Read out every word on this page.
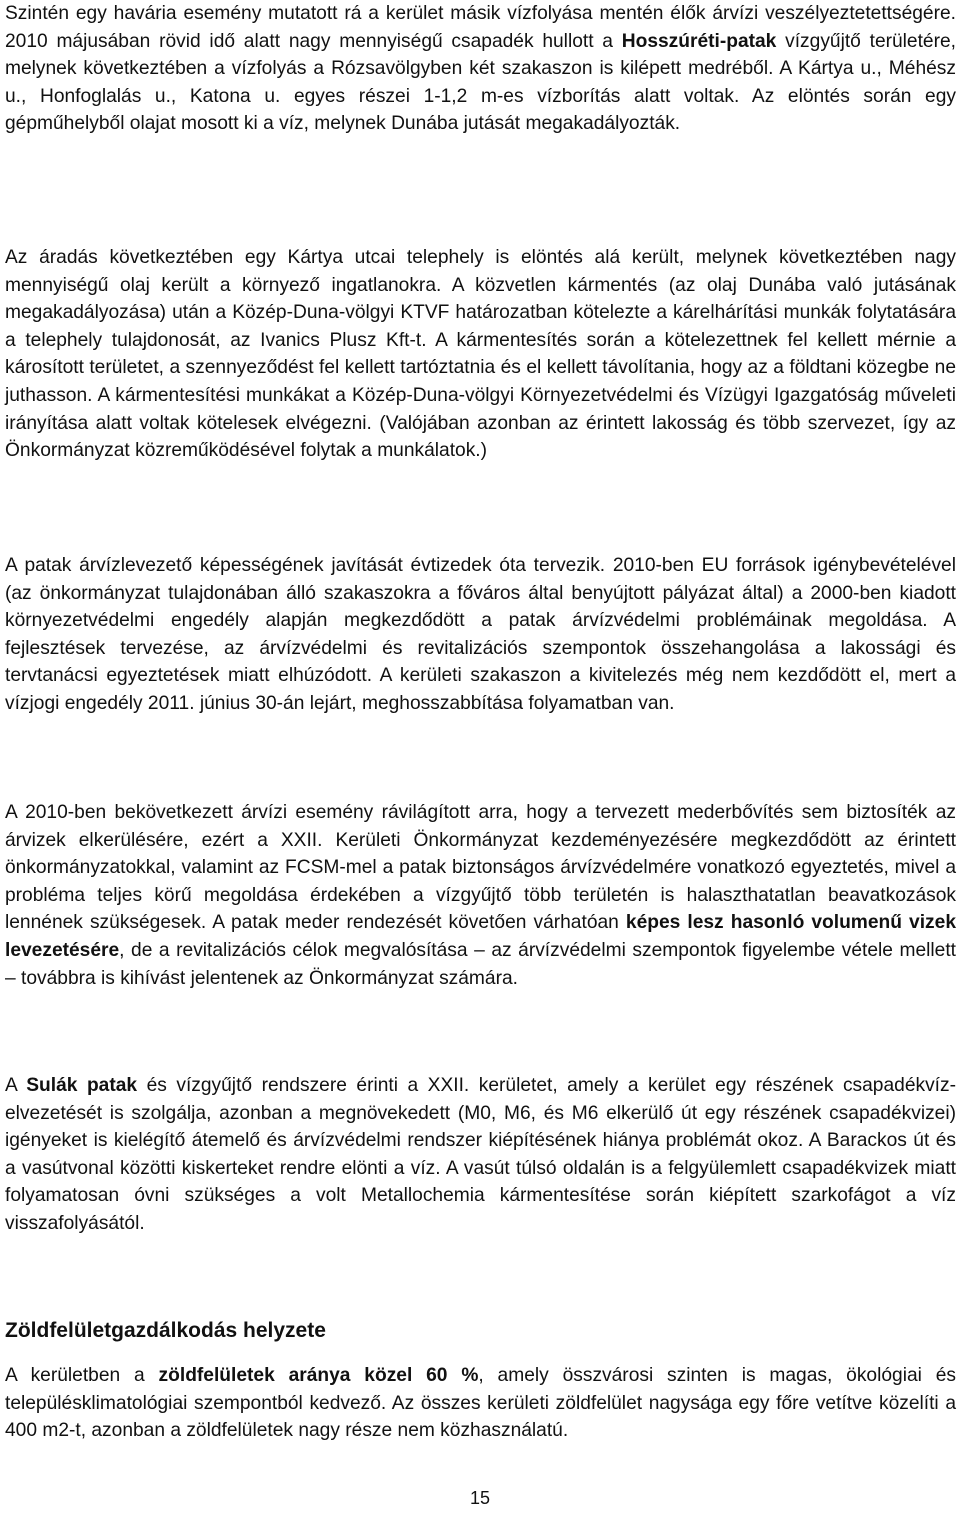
Szintén egy havária esemény mutatott rá a kerület másik vízfolyása mentén élők árvízi veszélyeztetettségére. 2010 májusában rövid idő alatt nagy mennyiségű csapadék hullott a Hosszúréti-patak vízgyűjtő területére, melynek következtében a vízfolyás a Rózsavölgyben két szakaszon is kilépett medréből. A Kártya u., Méhész u., Honfoglalás u., Katona u. egyes részei 1-1,2 m-es vízborítás alatt voltak. Az elöntés során egy gépműhelyből olajat mosott ki a víz, melynek Dunába jutását megakadályozták.

Az áradás következtében egy Kártya utcai telephely is elöntés alá került, melynek következtében nagy mennyiségű olaj került a környező ingatlanokra. A közvetlen kármentés (az olaj Dunába való jutásának megakadályozása) után a Közép-Duna-völgyi KTVF határozatban kötelezte a kárelhárítási munkák folytatására a telephely tulajdonosát, az Ivanics Plusz Kft-t. A kármentesítés során a kötelezettnek fel kellett mérnie a károsított területet, a szennyeződést fel kellett tartóztatnia és el kellett távolítania, hogy az a földtani közegbe ne juthasson. A kármentesítési munkákat a Közép-Duna-völgyi Környezetvédelmi és Vízügyi Igazgatóság műveleti irányítása alatt voltak kötelesek elvégezni. (Valójában azonban az érintett lakosság és több szervezet, így az Önkormányzat közreműködésével folytak a munkálatok.)

A patak árvízlevezető képességének javítását évtizedek óta tervezik. 2010-ben EU források igénybevételével (az önkormányzat tulajdonában álló szakaszokra a főváros által benyújtott pályázat által) a 2000-ben kiadott környezetvédelmi engedély alapján megkezdődött a patak árvízvédelmi problémáinak megoldása. A fejlesztések tervezése, az árvízvédelmi és revitalizációs szempontok összehangolása a lakossági és tervtanácsi egyeztetések miatt elhúzódott. A kerületi szakaszon a kivitelezés még nem kezdődött el, mert a vízjogi engedély 2011. június 30-án lejárt, meghosszabbítása folyamatban van.

A 2010-ben bekövetkezett árvízi esemény rávilágított arra, hogy a tervezett mederbővítés sem biztosíték az árvizek elkerülésére, ezért a XXII. Kerületi Önkormányzat kezdeményezésére megkezdődött az érintett önkormányzatokkal, valamint az FCSM-mel a patak biztonságos árvízvédelmére vonatkozó egyeztetés, mivel a probléma teljes körű megoldása érdekében a vízgyűjtő több területén is halaszthatatlan beavatkozások lennének szükségesek. A patak meder rendezését követően várhatóan képes lesz hasonló volumenű vizek levezetésére, de a revitalizációs célok megvalósítása – az árvízvédelmi szempontok figyelembe vétele mellett – továbbra is kihívást jelentenek az Önkormányzat számára.

A Sulák patak és vízgyűjtő rendszere érinti a XXII. kerületet, amely a kerület egy részének csapadékvíz-elvezetését is szolgálja, azonban a megnövekedett (M0, M6, és M6 elkerülő út egy részének csapadékvizei) igényeket is kielégítő átemelő és árvízvédelmi rendszer kiépítésének hiánya problémát okoz. A Barackos út és a vasútvonal közötti kiskerteket rendre elönti a víz. A vasút túlsó oldalán is a felgyülemlett csapadékvizek miatt folyamatosan óvni szükséges a volt Metallochemia kármentesítése során kiépített szarkofágot a víz visszafolyásától.

Zöldfelületgazdálkodás helyzete

A kerületben a zöldfelületek aránya közel 60 %, amely összvárosi szinten is magas, ökológiai és településklimatológiai szempontból kedvező. Az összes kerületi zöldfelület nagysága egy főre vetítve közelíti a 400 m2-t, azonban a zöldfelületek nagy része nem közhasználatú.

15
